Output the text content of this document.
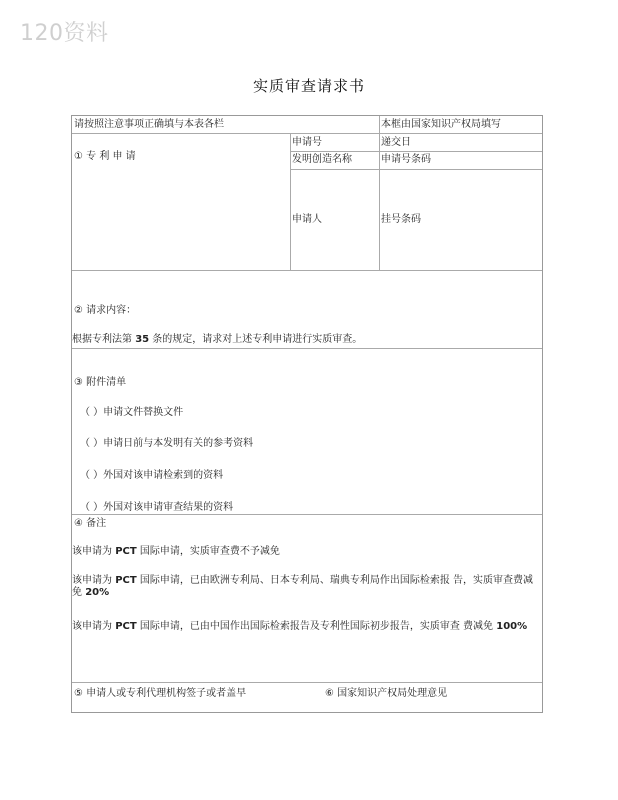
120资料
实质审查请求书
请按照注意事项正确填与本表各栏	本框由国家知识产权局填写
① 专 利 申 请
申请号
发明创造名称
申请人
递交日
申请号条码
挂号条码
② 请求内容：
根据专利法第 35 条的规定，请求对上述专利申请进行实质审查。
③ 附件清单
（ ）申请文件替换文件
（ ）申请日前与本发明有关的参考资料
（ ）外国对该申请检索到的资料
（ ）外国对该申请审查结果的资料
④ 备注
该申请为 PCT 国际申请，实质审查费不予减免
该申请为 PCT 国际申请，已由欧洲专利局、日本专利局、瑞典专利局作出国际检索报 告，实质审查费减免 20%
该申请为 PCT 国际申请，已由中国作出国际检索报告及专利性国际初步报告，实质审查 费减免 100%
⑤ 申请人或专利代理机构签子或者盖早	⑥ 国家知识产权局处理意见
